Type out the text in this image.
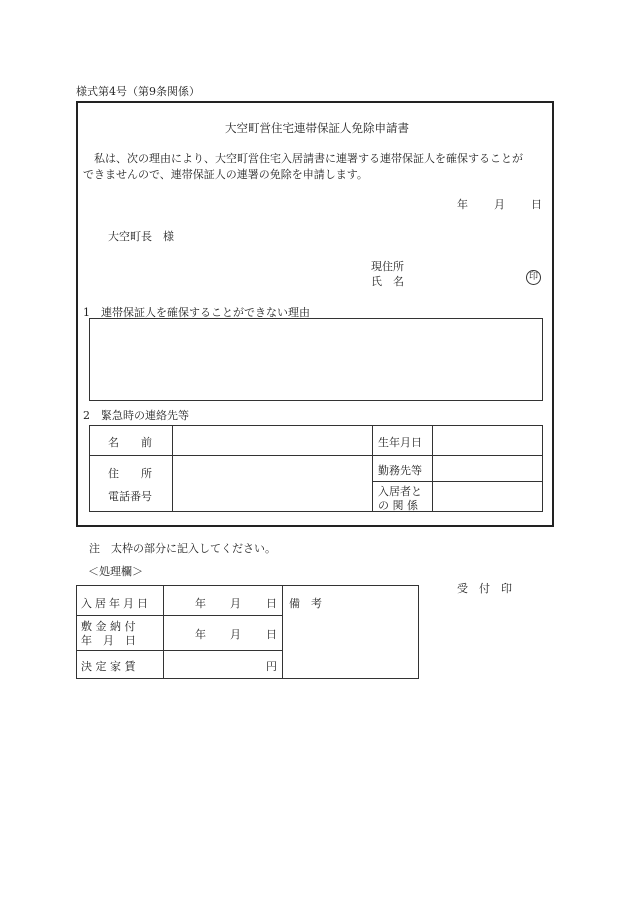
様式第4号（第9条関係）
大空町営住宅連帯保証人免除申請書
私は、次の理由により、大空町営住宅入居請書に連署する連帯保証人を確保することが
できませんので、連帯保証人の連署の免除を申請します。
年 月 日
大空町長　様
現住所
氏　名	印
1　連帯保証人を確保することができない理由
2　緊急時の連絡先等
名　　前
住　　所
電話番号
生年月日
勤務先等
入居者と
の 関 係
注　太枠の部分に記入してください。
＜処理欄＞
受　付　印
入居年月日
敷 金 納 付
年　月　日
決 定 家 賃
年 月 日
年 月 日
円
備　考
